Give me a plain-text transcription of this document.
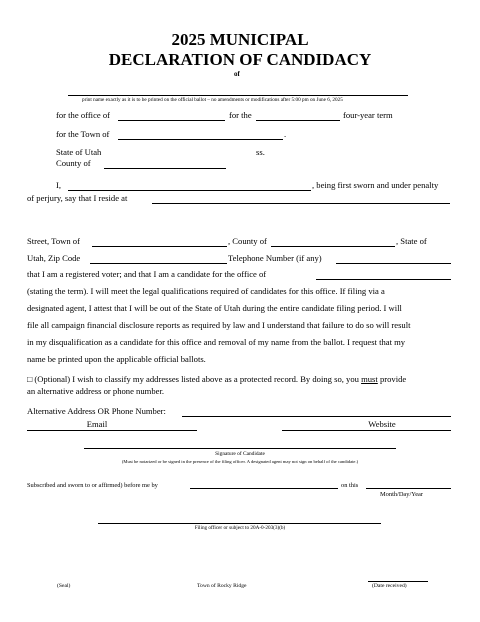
2025 MUNICIPAL
DECLARATION OF CANDIDACY
of
print name exactly as it is to be printed on the official ballot – no amendments or modifications after 5:00 pm on June 6, 2025
for the office of	for the	four-year term
for the Town of	.
State of Utah	ss.
County of
I,	, being first sworn and under penalty
of perjury, say that I reside at
Street, Town of	, County of	, State of
Utah, Zip Code	Telephone Number (if any)
that I am a registered voter; and that I am a candidate for the office of
(stating the term). I will meet the legal qualifications required of candidates for this office. If filing via a
designated agent, I attest that I will be out of the State of Utah during the entire candidate filing period. I will
file all campaign financial disclosure reports as required by law and I understand that failure to do so will result
in my disqualification as a candidate for this office and removal of my name from the ballot. I request that my
name be printed upon the applicable official ballots.
□ (Optional) I wish to classify my addresses listed above as a protected record. By doing so, you must provide
an alternative address or phone number.
Alternative Address OR Phone Number:
Email	Website
Signature of Candidate
(Must be notarized or be signed in the presence of the filing officer. A designated agent may not sign on behalf of the candidate.)
Subscribed and sworn to or affirmed) before me by	on this
Month/Day/Year
Filing officer or subject to 20A-0-203(3)(b)
(Seal)	Town of Rocky Ridge	(Date received)
